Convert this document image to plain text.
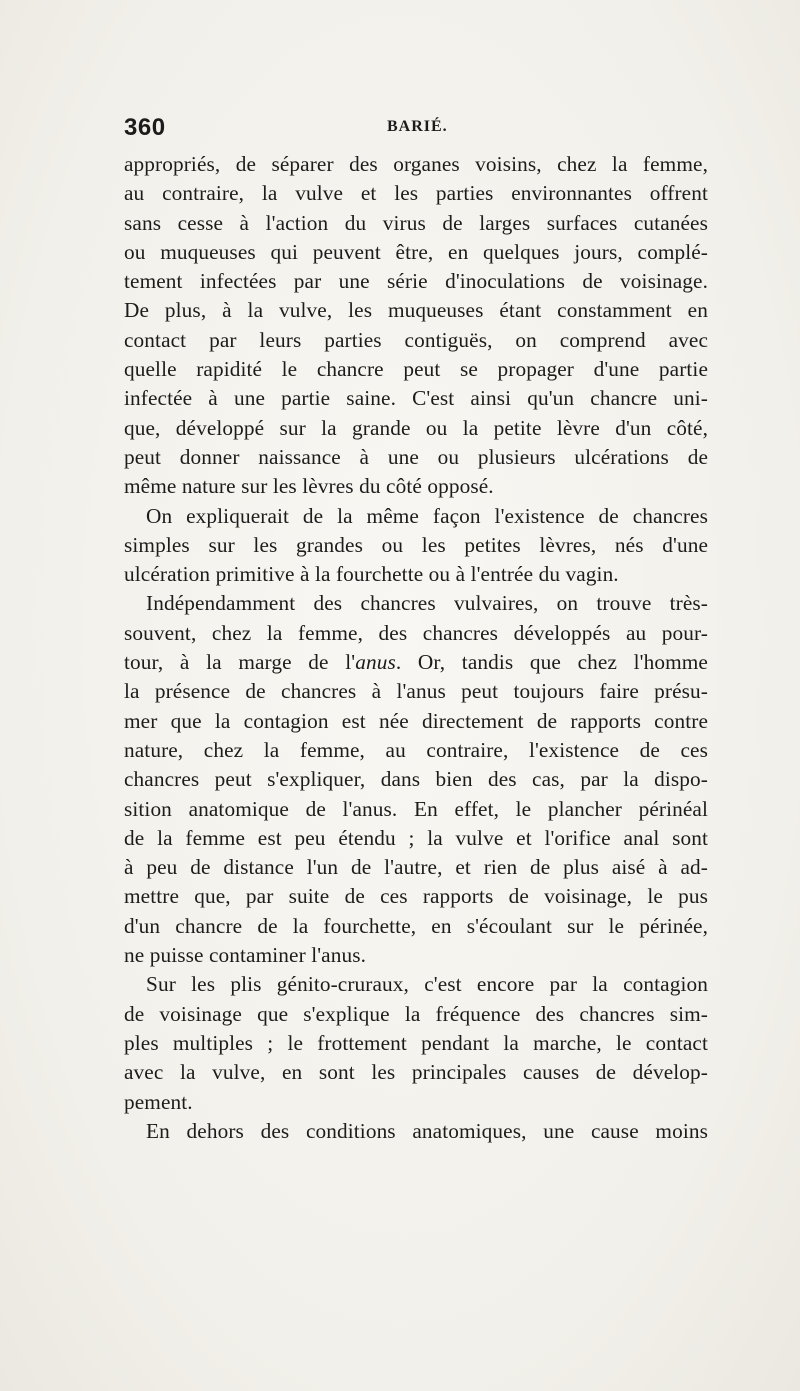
360	BARIÉ.
appropriés, de séparer des organes voisins, chez la femme,
au contraire, la vulve et les parties environnantes offrent
sans cesse à l'action du virus de larges surfaces cutanées
ou muqueuses qui peuvent être, en quelques jours, complé-
tement infectées par une série d'inoculations de voisinage.
De plus, à la vulve, les muqueuses étant constamment en
contact par leurs parties contiguës, on comprend avec
quelle rapidité le chancre peut se propager d'une partie
infectée à une partie saine. C'est ainsi qu'un chancre uni-
que, développé sur la grande ou la petite lèvre d'un côté,
peut donner naissance à une ou plusieurs ulcérations de
même nature sur les lèvres du côté opposé.
On expliquerait de la même façon l'existence de chancres
simples sur les grandes ou les petites lèvres, nés d'une
ulcération primitive à la fourchette ou à l'entrée du vagin.
Indépendamment des chancres vulvaires, on trouve très-
souvent, chez la femme, des chancres développés au pour-
tour, à la marge de l'anus. Or, tandis que chez l'homme
la présence de chancres à l'anus peut toujours faire présu-
mer que la contagion est née directement de rapports contre
nature, chez la femme, au contraire, l'existence de ces
chancres peut s'expliquer, dans bien des cas, par la dispo-
sition anatomique de l'anus. En effet, le plancher périnéal
de la femme est peu étendu ; la vulve et l'orifice anal sont
à peu de distance l'un de l'autre, et rien de plus aisé à ad-
mettre que, par suite de ces rapports de voisinage, le pus
d'un chancre de la fourchette, en s'écoulant sur le périnée,
ne puisse contaminer l'anus.
Sur les plis génito-cruraux, c'est encore par la contagion
de voisinage que s'explique la fréquence des chancres sim-
ples multiples ; le frottement pendant la marche, le contact
avec la vulve, en sont les principales causes de dévelop-
pement.
En dehors des conditions anatomiques, une cause moins
